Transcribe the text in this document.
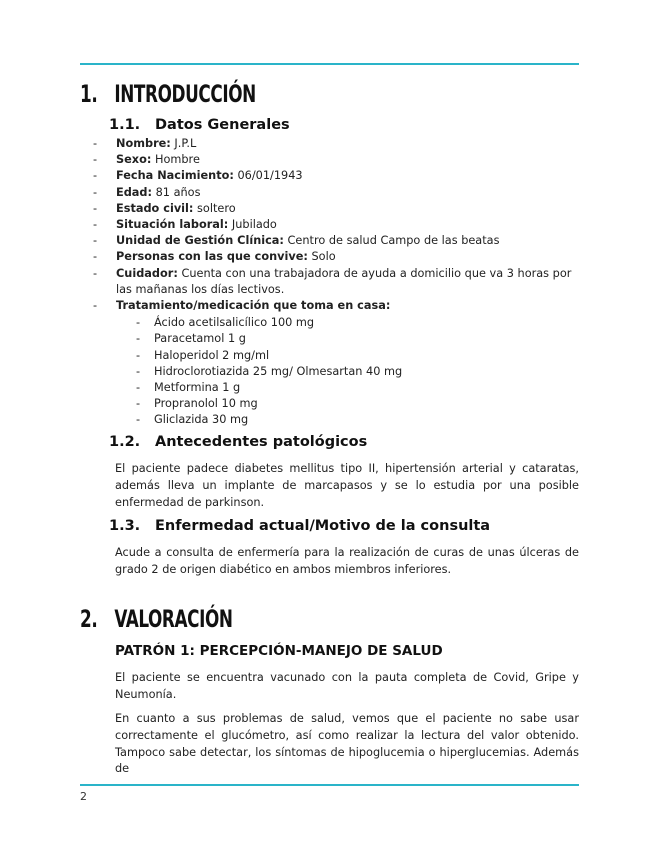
1. INTRODUCCIÓN
1.1. Datos Generales
- Nombre: J.P.L
- Sexo: Hombre
- Fecha Nacimiento: 06/01/1943
- Edad: 81 años
- Estado civil: soltero
- Situación laboral: Jubilado
- Unidad de Gestión Clínica: Centro de salud Campo de las beatas
- Personas con las que convive: Solo
- Cuidador: Cuenta con una trabajadora de ayuda a domicilio que va 3 horas por las mañanas los días lectivos.
- Tratamiento/medicación que toma en casa:
- Ácido acetilsalicílico 100 mg
- Paracetamol 1 g
- Haloperidol 2 mg/ml
- Hidroclorotiazida 25 mg/ Olmesartan 40 mg
- Metformina 1 g
- Propranolol 10 mg
- Gliclazida 30 mg
1.2. Antecedentes patológicos

El paciente padece diabetes mellitus tipo II, hipertensión arterial y cataratas, además lleva un implante de marcapasos y se lo estudia por una posible enfermedad de parkinson.

1.3. Enfermedad actual/Motivo de la consulta

Acude a consulta de enfermería para la realización de curas de unas úlceras de grado 2 de origen diabético en ambos miembros inferiores.

2. VALORACIÓN
PATRÓN 1: PERCEPCIÓN-MANEJO DE SALUD

El paciente se encuentra vacunado con la pauta completa de Covid, Gripe y Neumonía.

En cuanto a sus problemas de salud, vemos que el paciente no sabe usar correctamente el glucómetro, así como realizar la lectura del valor obtenido. Tampoco sabe detectar, los síntomas de hipoglucemia o hiperglucemias. Además de

2
